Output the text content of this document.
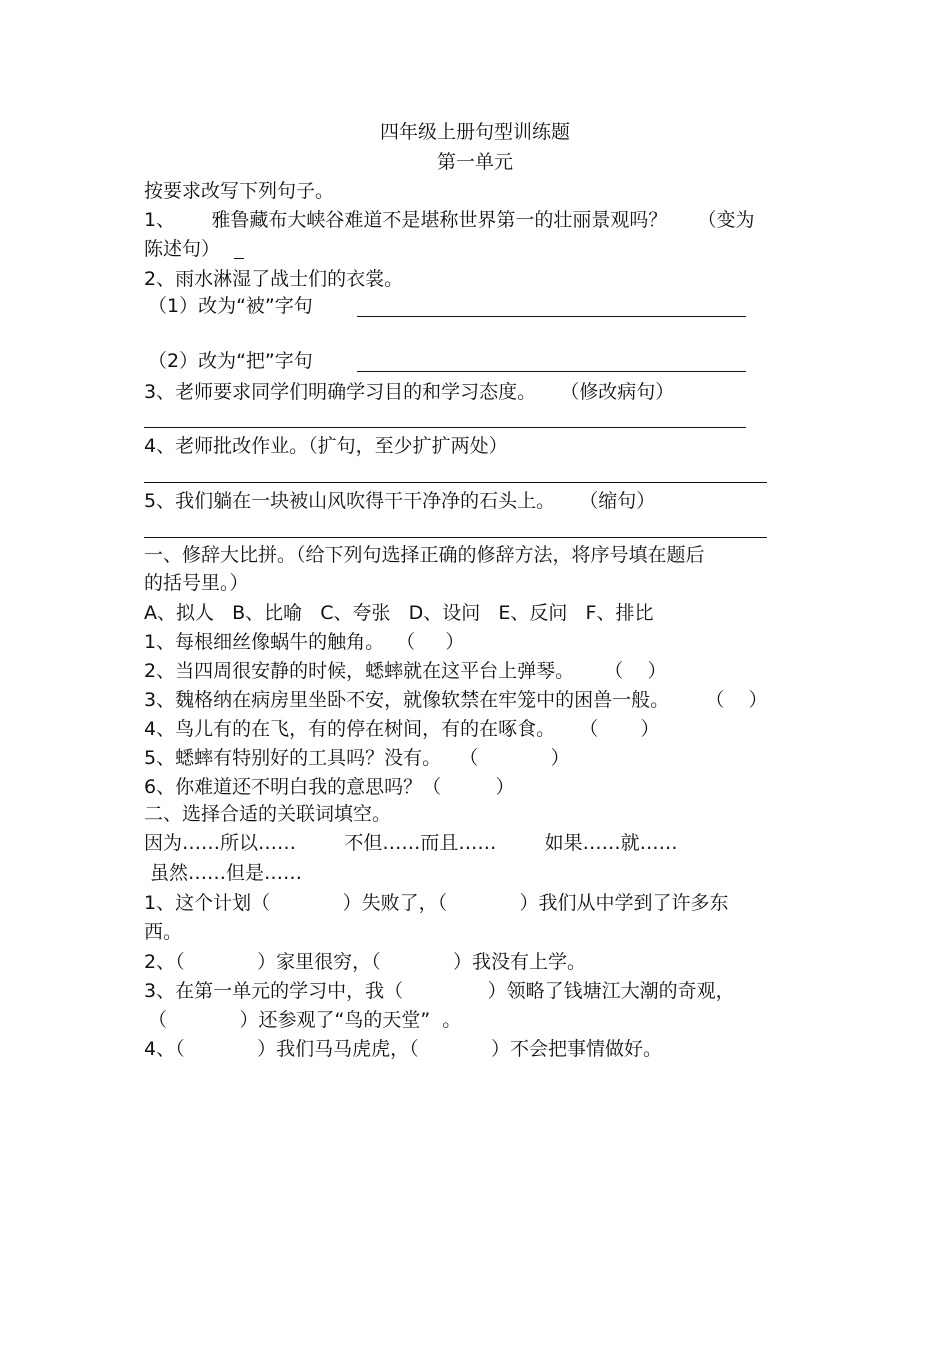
四年级上册句型训练题

第一单元

按要求改写下列句子。

1、      雅鲁藏布大峡谷难道不是堪称世界第一的壮丽景观吗？     （变为

陈述句）

2、雨水淋湿了战士们的衣裳。

（1）改为“被”字句

（2）改为“把”字句

3、老师要求同学们明确学习目的和学习态度。    （修改病句）

4、老师批改作业。（扩句，至少扩扩两处）

5、我们躺在一块被山风吹得干干净净的石头上。    （缩句）

一、修辞大比拼。（给下列句选择正确的修辞方法，将序号填在题后

的括号里。）

A、拟人   B、比喻   C、夸张   D、设问   E、反问   F、排比

1、每根细丝像蜗牛的触角。  （     ）

2、当四周很安静的时候，蟋蟀就在这平台上弹琴。     （    ）

3、魏格纳在病房里坐卧不安，就像软禁在牢笼中的困兽一般。      （    ）

4、鸟儿有的在飞，有的停在树间，有的在啄食。    （       ）

5、蟋蟀有特别好的工具吗？没有。   （            ）

6、你难道还不明白我的意思吗？（         ）

二、选择合适的关联词填空。

因为……所以……        不但……而且……        如果……就……

虽然……但是……

1、这个计划（            ）失败了，（            ）我们从中学到了许多东

西。

2、（            ）家里很穷，（            ）我没有上学。

3、在第一单元的学习中，我（              ）领略了钱塘江大潮的奇观，

（            ）还参观了“鸟的天堂”  。

4、（            ）我们马马虎虎，（            ）不会把事情做好。
